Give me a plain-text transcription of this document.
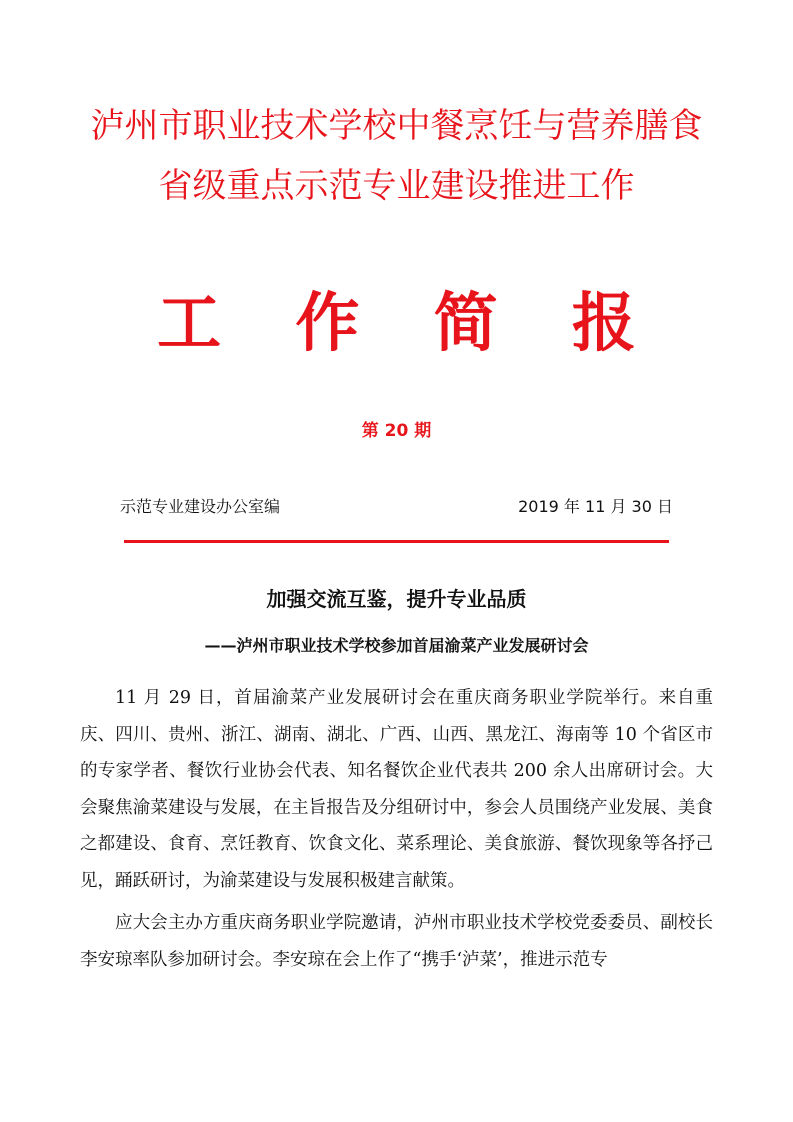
泸州市职业技术学校中餐烹饪与营养膳食
省级重点示范专业建设推进工作
工 作 简 报
第 20 期
示范专业建设办公室编	2019 年 11 月 30 日
加强交流互鉴，提升专业品质
——泸州市职业技术学校参加首届渝菜产业发展研讨会

11 月 29 日，首届渝菜产业发展研讨会在重庆商务职业学院举行。来自重庆、四川、贵州、浙江、湖南、湖北、广西、山西、黑龙江、海南等 10 个省区市的专家学者、餐饮行业协会代表、知名餐饮企业代表共 200 余人出席研讨会。大会聚焦渝菜建设与发展，在主旨报告及分组研讨中，参会人员围绕产业发展、美食之都建设、食育、烹饪教育、饮食文化、菜系理论、美食旅游、餐饮现象等各抒己见，踊跃研讨，为渝菜建设与发展积极建言献策。

应大会主办方重庆商务职业学院邀请，泸州市职业技术学校党委委员、副校长李安琼率队参加研讨会。李安琼在会上作了“携手‘泸菜’，推进示范专
